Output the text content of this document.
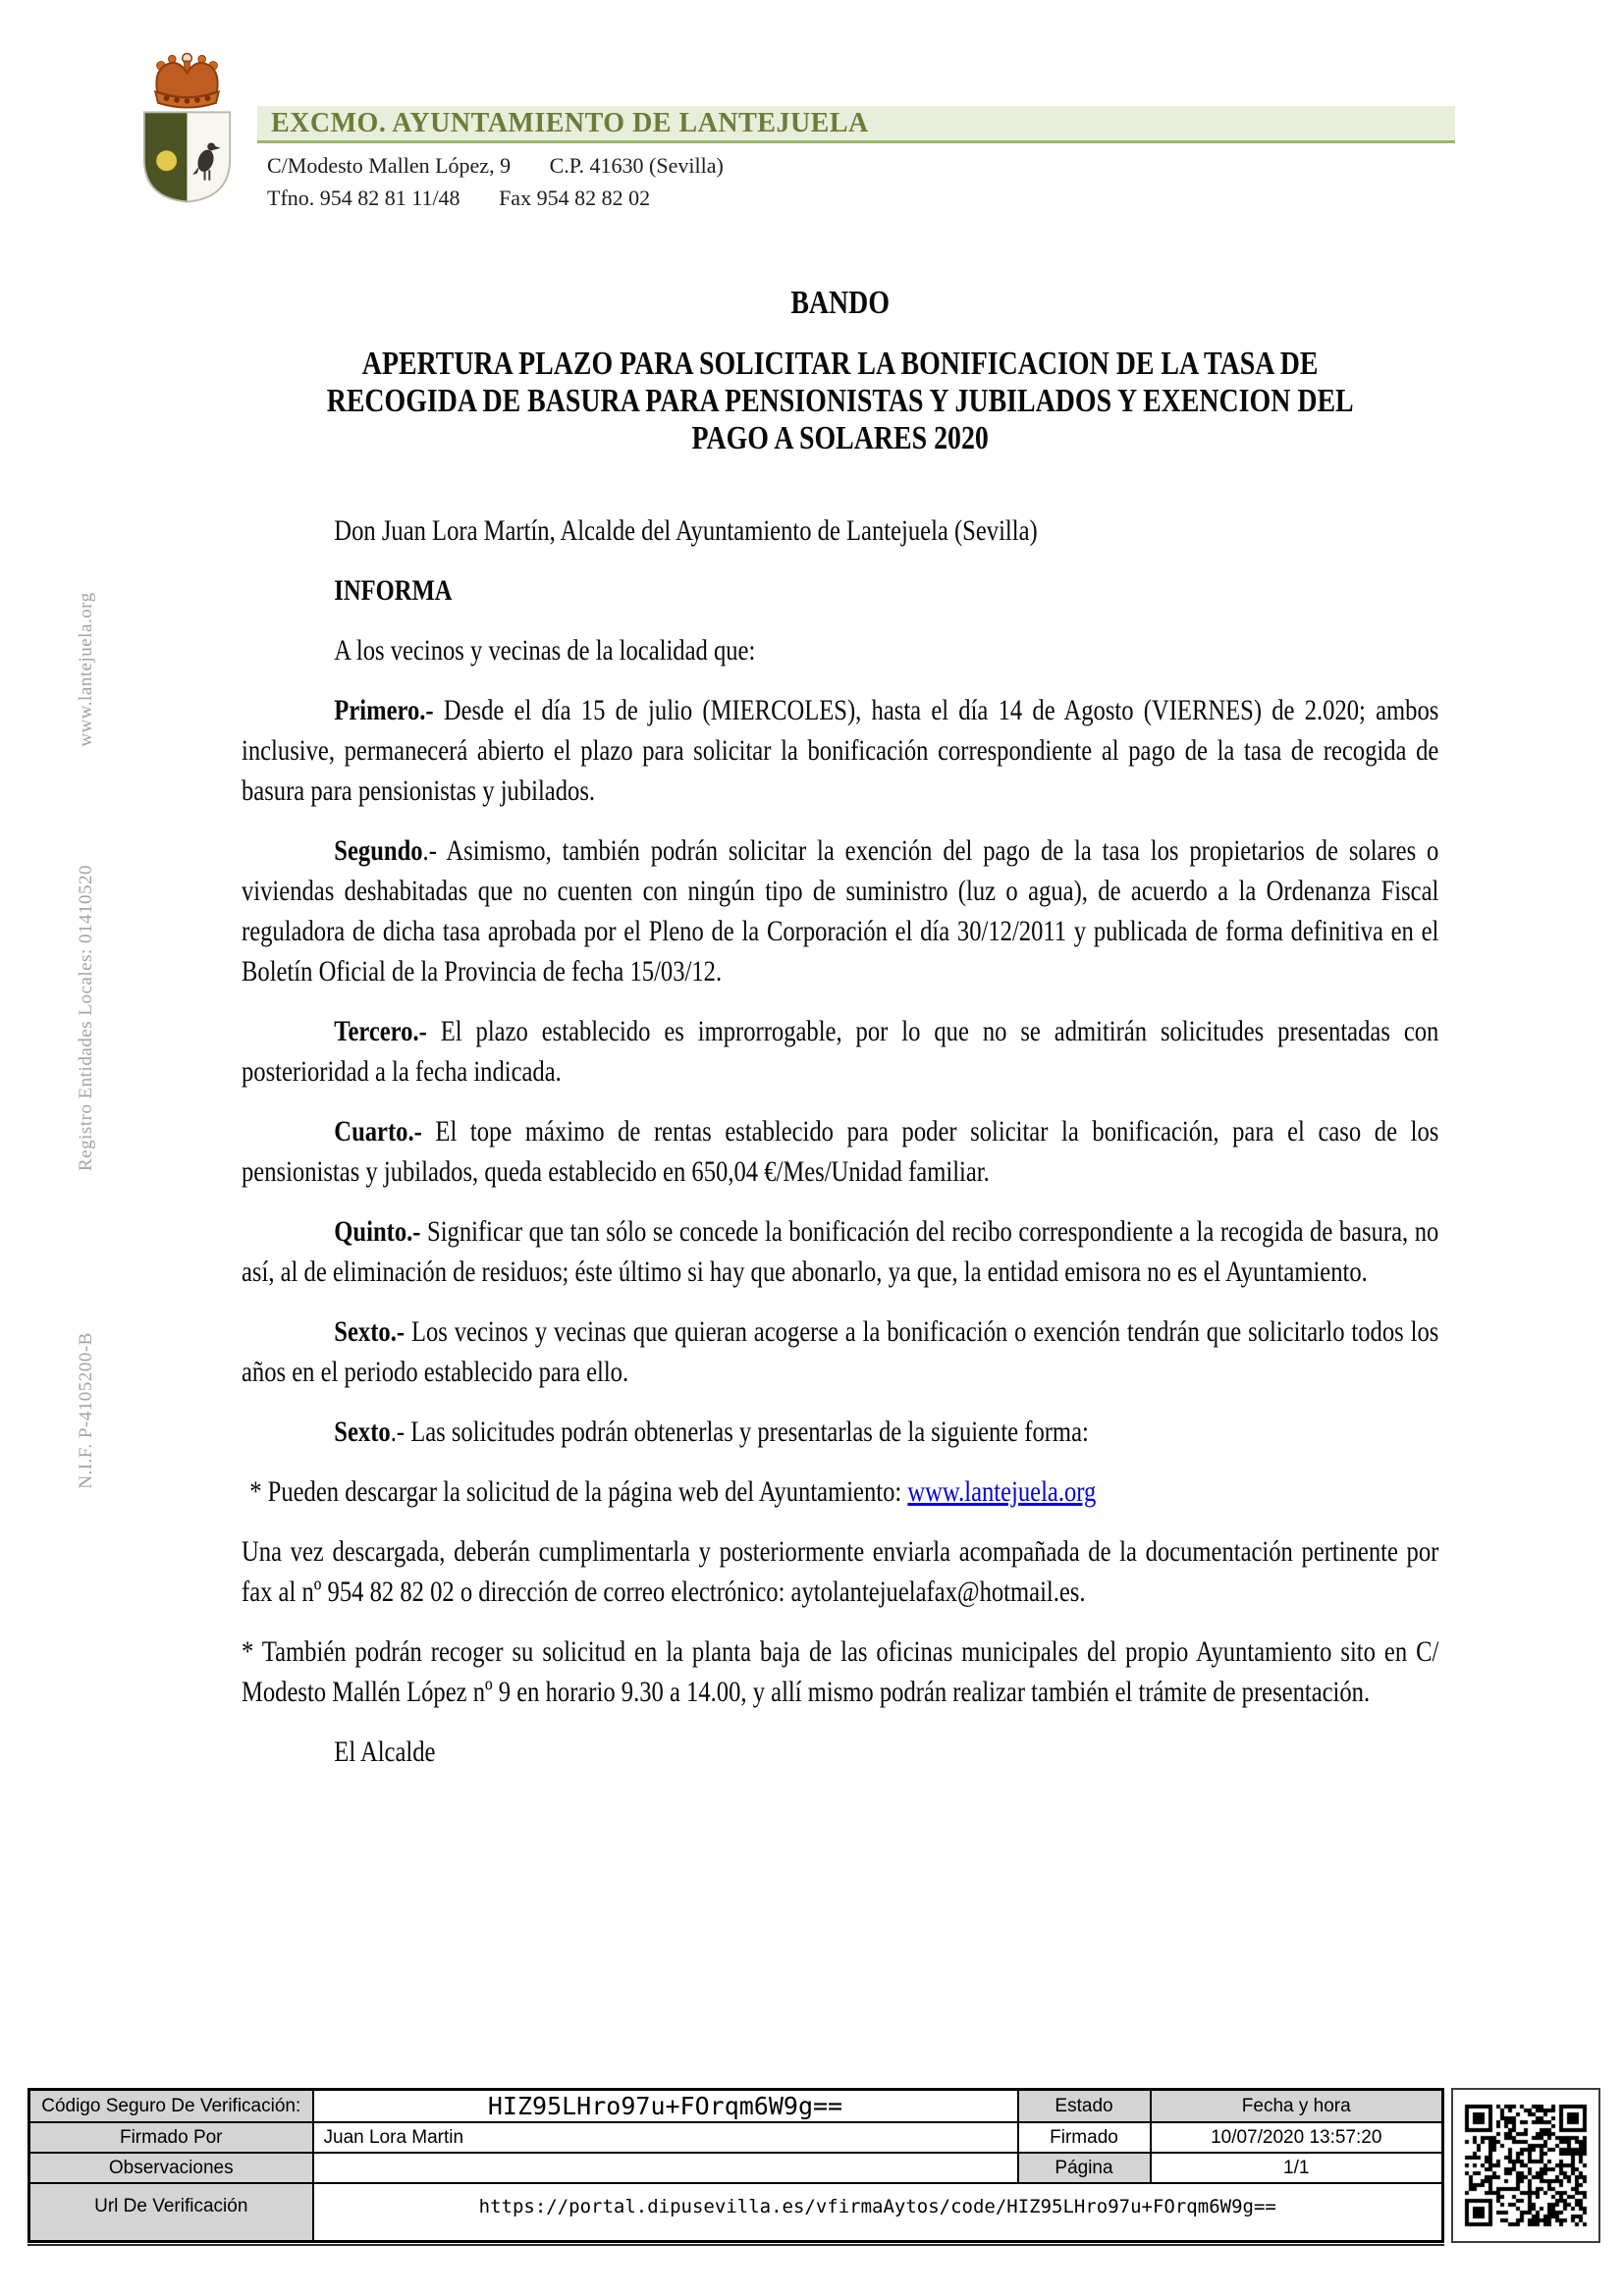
EXCMO. AYUNTAMIENTO DE LANTEJUELA
C/Modesto Mallen López, 9 C.P. 41630 (Sevilla)
Tfno. 954 82 81 11/48 Fax 954 82 82 02
www.lantejuela.org
Registro Entidades Locales: 01410520
N.I.F. P-4105200-B

BANDO

APERTURA PLAZO PARA SOLICITAR LA BONIFICACION DE LA TASA DE RECOGIDA DE BASURA PARA PENSIONISTAS Y JUBILADOS Y EXENCION DEL PAGO A SOLARES 2020

Don Juan Lora Martín, Alcalde del Ayuntamiento de Lantejuela (Sevilla)

INFORMA

A los vecinos y vecinas de la localidad que:

Primero.- Desde el día 15 de julio (MIERCOLES), hasta el día 14 de Agosto (VIERNES) de 2.020; ambos inclusive, permanecerá abierto el plazo para solicitar la bonificación correspondiente al pago de la tasa de recogida de basura para pensionistas y jubilados.

Segundo.- Asimismo, también podrán solicitar la exención del pago de la tasa los propietarios de solares o viviendas deshabitadas que no cuenten con ningún tipo de suministro (luz o agua), de acuerdo a la Ordenanza Fiscal reguladora de dicha tasa aprobada por el Pleno de la Corporación el día 30/12/2011 y publicada de forma definitiva en el Boletín Oficial de la Provincia de fecha 15/03/12.

Tercero.- El plazo establecido es improrrogable, por lo que no se admitirán solicitudes presentadas con posterioridad a la fecha indicada.

Cuarto.- El tope máximo de rentas establecido para poder solicitar la bonificación, para el caso de los pensionistas y jubilados, queda establecido en 650,04 €/Mes/Unidad familiar.

Quinto.- Significar que tan sólo se concede la bonificación del recibo correspondiente a la recogida de basura, no así, al de eliminación de residuos; éste último si hay que abonarlo, ya que, la entidad emisora no es el Ayuntamiento.

Sexto.- Los vecinos y vecinas que quieran acogerse a la bonificación o exención tendrán que solicitarlo todos los años en el periodo establecido para ello.

Sexto.- Las solicitudes podrán obtenerlas y presentarlas de la siguiente forma:

* Pueden descargar la solicitud de la página web del Ayuntamiento: www.lantejuela.org

Una vez descargada, deberán cumplimentarla y posteriormente enviarla acompañada de la documentación pertinente por fax al nº 954 82 82 02 o dirección de correo electrónico: aytolantejuelafax@hotmail.es.

* También podrán recoger su solicitud en la planta baja de las oficinas municipales del propio Ayuntamiento sito en C/ Modesto Mallén López nº 9 en horario 9.30 a 14.00, y allí mismo podrán realizar también el trámite de presentación.

El Alcalde

Código Seguro De Verificación:	HIZ95LHro97u+FOrqm6W9g==	Estado	Fecha y hora
Firmado Por	Juan Lora Martin	Firmado	10/07/2020 13:57:20
Observaciones		Página	1/1
Url De Verificación	https://portal.dipusevilla.es/vfirmaAytos/code/HIZ95LHro97u+FOrqm6W9g==		
